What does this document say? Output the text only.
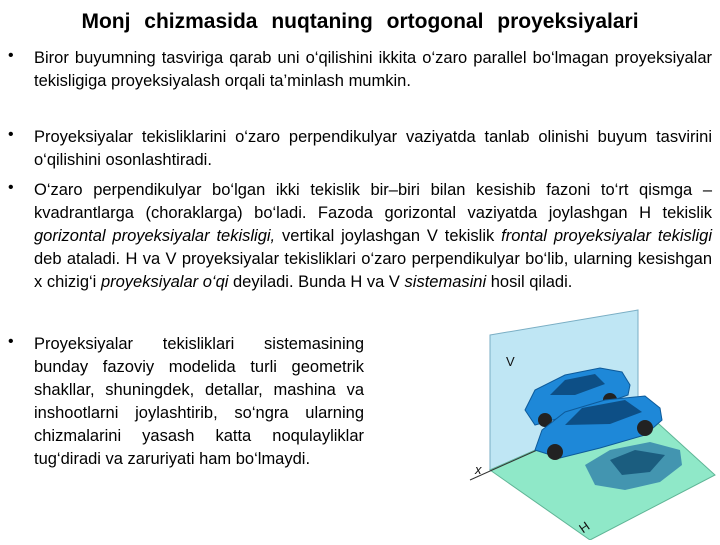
Monj chizmasida nuqtaning ortogonal proyeksiyalari
• Biror buyumning tasviriga qarab uni o‘qilishini ikkita o‘zaro parallel bo‘lmagan proyeksiyalar tekisligiga proyeksiyalash orqali ta’minlash mumkin.
• Proyeksiyalar tekisliklarini o‘zaro perpendikulyar vaziyatda tanlab olinishi buyum tasvirini o‘qilishini osonlashtiradi.
• O‘zaro perpendikulyar bo‘lgan ikki tekislik bir–biri bilan kesishib fazoni to‘rt qismga – kvadrantlarga (choraklarga) bo‘ladi. Fazoda gorizontal vaziyatda joylashgan H tekislik gorizontal proyeksiyalar tekisligi, vertikal joylashgan V tekislik frontal proyeksiyalar tekisligi deb ataladi. H va V proyeksiyalar tekisliklari o‘zaro perpendikulyar bo‘lib, ularning kesishgan x chizig‘i proyeksiyalar o‘qi deyiladi. Bunda H va V sistemasini hosil qiladi.
V
x
H
• Proyeksiyalar tekisliklari sistemasining bunday fazoviy modelida turli geometrik shakllar, shuningdek, detallar, mashina va inshootlarni joylashtirib, so‘ngra ularning chizmalarini yasash katta noqulayliklar tug‘diradi va zaruriyati ham bo‘lmaydi.
